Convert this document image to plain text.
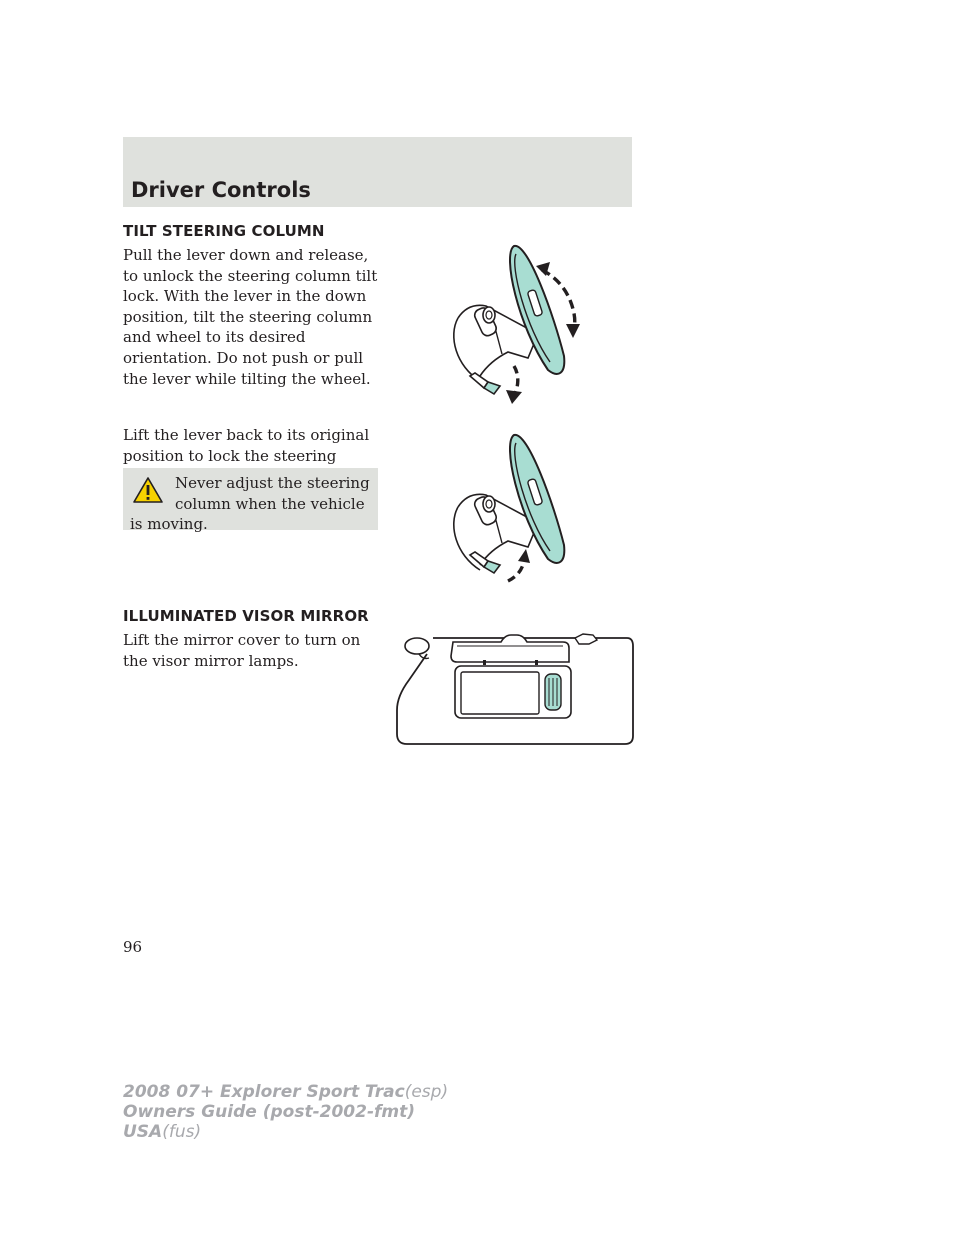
Driver Controls
TILT STEERING COLUMN

Pull the lever down and release, to unlock the steering column tilt lock. With the lever in the down position, tilt the steering column and wheel to its desired orientation. Do not push or pull the lever while tilting the wheel.

Lift the lever back to its original position to lock the steering

Never adjust the steering column when the vehicle is moving.

ILLUMINATED VISOR MIRROR

Lift the mirror cover to turn on the visor mirror lamps.

96
2008 07+ Explorer Sport Trac(esp)
Owners Guide (post-2002-fmt)
USA(fus)
